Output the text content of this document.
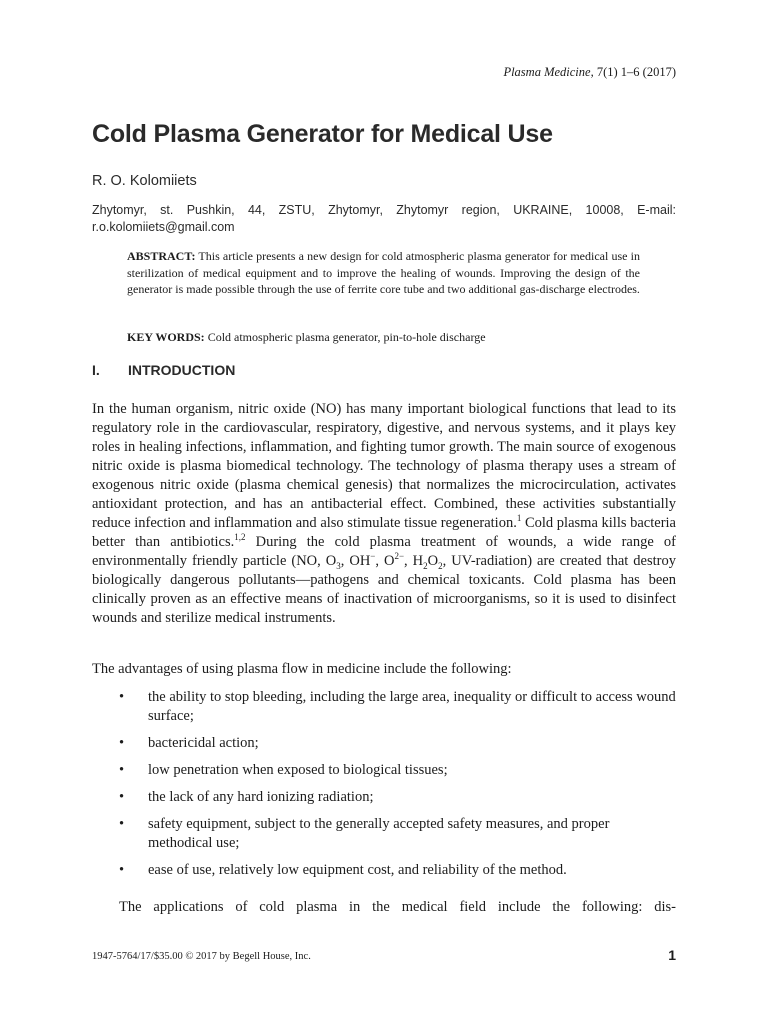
Plasma Medicine, 7(1) 1–6 (2017)
Cold Plasma Generator for Medical Use
R. O. Kolomiiets
Zhytomyr, st. Pushkin, 44, ZSTU, Zhytomyr, Zhytomyr region, UKRAINE, 10008, E-mail: r.o.kolomiiets@gmail.com
ABSTRACT: This article presents a new design for cold atmospheric plasma generator for medical use in sterilization of medical equipment and to improve the healing of wounds. Improving the design of the generator is made possible through the use of ferrite core tube and two additional gas-discharge electrodes.
KEY WORDS: Cold atmospheric plasma generator, pin-to-hole discharge
I. INTRODUCTION

In the human organism, nitric oxide (NO) has many important biological functions that lead to its regulatory role in the cardiovascular, respiratory, digestive, and nervous systems, and it plays key roles in healing infections, inflammation, and fighting tumor growth. The main source of exogenous nitric oxide is plasma biomedical technology. The technology of plasma therapy uses a stream of exogenous nitric oxide (plasma chemical genesis) that normalizes the microcirculation, activates antioxidant protection, and has an antibacterial effect. Combined, these activities substantially reduce infection and inflammation and also stimulate tissue regeneration.$^1$ Cold plasma kills bacteria better than antibiotics.$^{1,2}$ During the cold plasma treatment of wounds, a wide range of environmentally friendly particle (NO, $O_3$, OH−, $O^{2-}$, $H_2O_2$, UV-radiation) are created that destroy biologically dangerous pollutants—pathogens and chemical toxicants. Cold plasma has been clinically proven as an effective means of inactivation of microorganisms, so it is used to disinfect wounds and sterilize medical instruments.

The advantages of using plasma flow in medicine include the following:
• the ability to stop bleeding, including the large area, inequality or difficult to access wound surface;
• bactericidal action;
• low penetration when exposed to biological tissues;
• the lack of any hard ionizing radiation;
• safety equipment, subject to the generally accepted safety measures, and proper methodical use;
• ease of use, relatively low equipment cost, and reliability of the method.
The applications of cold plasma in the medical field include the following: dis-
1947-5764/17/$35.00 © 2017 by Begell House, Inc.	1
